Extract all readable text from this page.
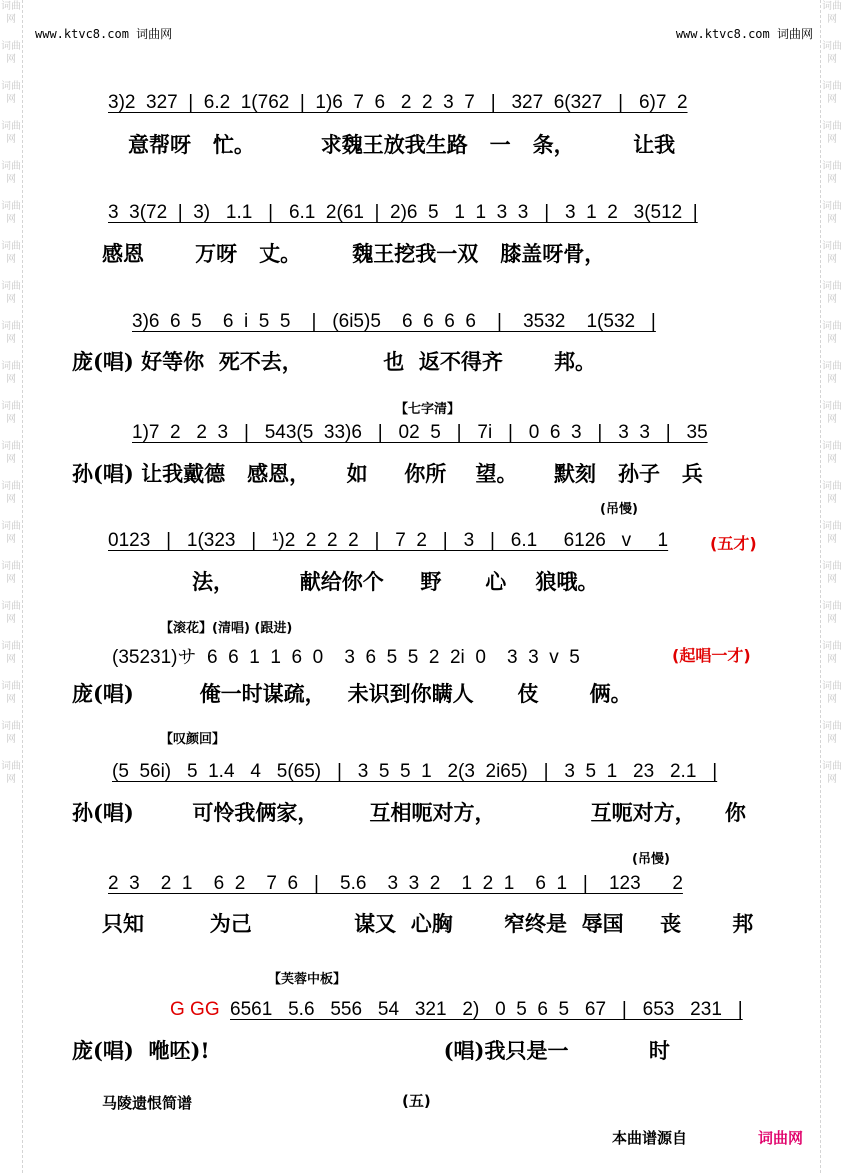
词曲网
词曲网
词曲网
词曲网
词曲网
词曲网
词曲网
词曲网
词曲网
词曲网
词曲网
词曲网
词曲网
词曲网
词曲网
词曲网
词曲网
词曲网
词曲网
词曲网
词曲网
词曲网
词曲网
词曲网
词曲网
词曲网
词曲网
词曲网
词曲网
词曲网
词曲网
词曲网
词曲网
词曲网
词曲网
词曲网
词曲网
词曲网
词曲网
词曲网
www.ktvc8.com 词曲网	www.ktvc8.com 词曲网
3)2  327  |  6.2  1(762  |  1)6  7  6   2  2  3  7   |   327  6(327   |   6)7  2
意帮呀   忙。         求魏王放我生路   一   条，        让我
3  3(72  |  3)   1.1   |   6.1  2(61  |  2)6  5   1  1  3  3   |   3  1  2   3(512  |
感恩       万呀   丈。       魏王挖我一双   膝盖呀骨，
3)6  6  5    6  i  5  5    |   (6i5)5    6  6  6  6    |    3532    1(532   |
庞(唱) 好等你  死不去，           也  返不得齐       邦。
【七字清】
1)7  2   2  3   |   543(5  33)6   |   02  5   |   7i   |   0  6  3   |   3  3   |   35
孙(唱) 让我戴德   感恩，     如     你所    望。     默刻   孙子   兵
(吊慢)
0123   |   1(323   |   ¹)2  2  2  2   |   7  2   |   3   |   6.1     6126   v     1	(五才)
法，         献给你个     野      心    狼哦。
【滚花】(清唱) (跟进)
(35231)サ  6  6  1  1  6  0    3  6  5  5  2  2i  0    3  3  v  5	(起唱一才)
庞(唱)         俺一时谋疏，   未识到你瞒人      伎       俩。
【叹颜回】
(5  56i)   5  1.4   4   5(65)   |   3  5  5  1   2(3  2i65)   |   3  5  1   23   2.1   |
孙(唱)        可怜我俩家，       互相呃对方，             互呃对方，    你
(吊慢)
2  3    2  1    6  2    7  6   |    5.6    3  3  2    1  2  1    6  1   |    123      2
只知         为己              谋又  心胸       窄终是  辱国     丧       邦
【芙蓉中板】
G GG 6561   5.6   556   54   321   2)   0  5  6  5   67   |   653   231   |
庞(唱)  咃呸)!                                (唱)我只是一           时
马陵遗恨简谱	(五)
本曲谱源自	词曲网
